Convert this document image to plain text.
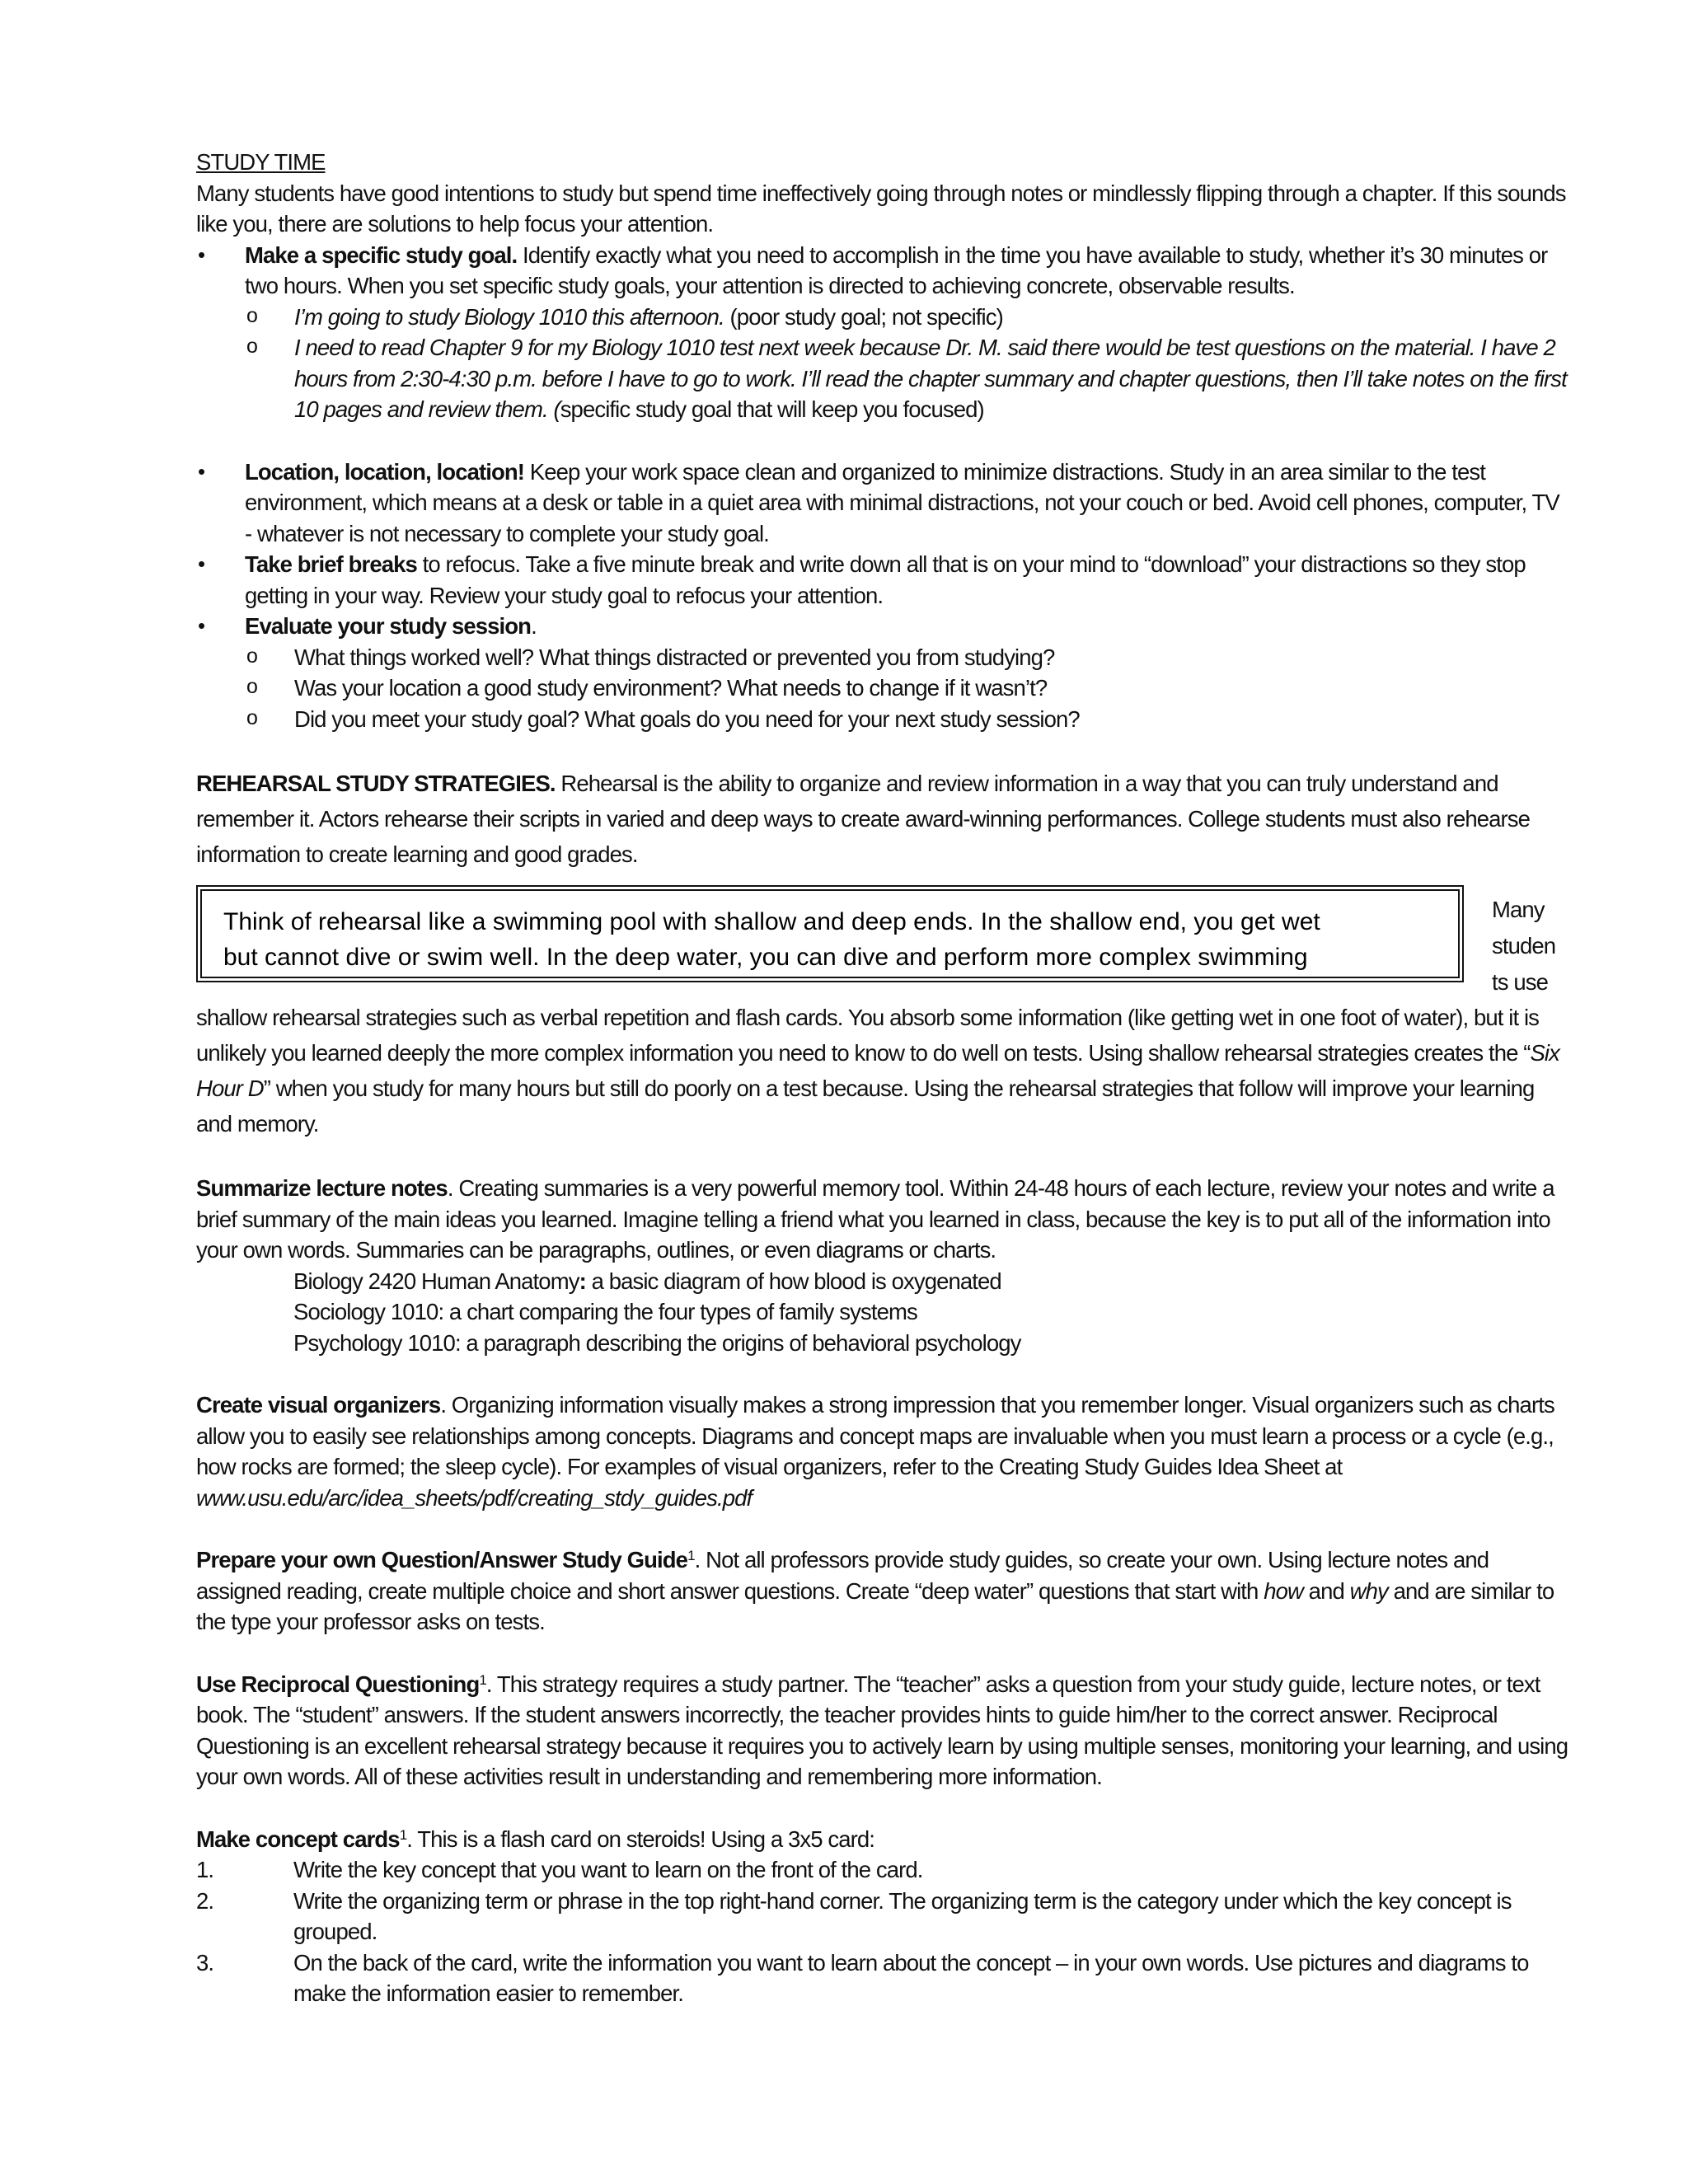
STUDY TIME

Many students have good intentions to study but spend time ineffectively going through notes or mindlessly flipping through a chapter. If this sounds like you, there are solutions to help focus your attention.

• Make a specific study goal. Identify exactly what you need to accomplish in the time you have available to study, whether it’s 30 minutes or two hours. When you set specific study goals, your attention is directed to achieving concrete, observable results.
o I’m going to study Biology 1010 this afternoon. (poor study goal; not specific)
o I need to read Chapter 9 for my Biology 1010 test next week because Dr. M. said there would be test questions on the material. I have 2 hours from 2:30-4:30 p.m. before I have to go to work. I’ll read the chapter summary and chapter questions, then I’ll take notes on the first 10 pages and review them. (specific study goal that will keep you focused)
• Location, location, location! Keep your work space clean and organized to minimize distractions. Study in an area similar to the test environment, which means at a desk or table in a quiet area with minimal distractions, not your couch or bed. Avoid cell phones, computer, TV - whatever is not necessary to complete your study goal.
• Take brief breaks to refocus. Take a five minute break and write down all that is on your mind to “download” your distractions so they stop getting in your way. Review your study goal to refocus your attention.
• Evaluate your study session.
o What things worked well? What things distracted or prevented you from studying?
o Was your location a good study environment? What needs to change if it wasn’t?
o Did you meet your study goal? What goals do you need for your next study session?

REHEARSAL STUDY STRATEGIES. Rehearsal is the ability to organize and review information in a way that you can truly understand and remember it. Actors rehearse their scripts in varied and deep ways to create award-winning performances. College students must also rehearse information to create learning and good grades.

Think of rehearsal like a swimming pool with shallow and deep ends. In the shallow end, you get wet
but cannot dive or swim well. In the deep water, you can dive and perform more complex swimming
Many
studen
ts use

shallow rehearsal strategies such as verbal repetition and flash cards. You absorb some information (like getting wet in one foot of water), but it is unlikely you learned deeply the more complex information you need to know to do well on tests. Using shallow rehearsal strategies creates the “Six Hour D” when you study for many hours but still do poorly on a test because. Using the rehearsal strategies that follow will improve your learning and memory.

Summarize lecture notes. Creating summaries is a very powerful memory tool. Within 24-48 hours of each lecture, review your notes and write a brief summary of the main ideas you learned. Imagine telling a friend what you learned in class, because the key is to put all of the information into your own words. Summaries can be paragraphs, outlines, or even diagrams or charts.

Biology 2420 Human Anatomy: a basic diagram of how blood is oxygenated
Sociology 1010: a chart comparing the four types of family systems
Psychology 1010: a paragraph describing the origins of behavioral psychology

Create visual organizers. Organizing information visually makes a strong impression that you remember longer. Visual organizers such as charts allow you to easily see relationships among concepts. Diagrams and concept maps are invaluable when you must learn a process or a cycle (e.g., how rocks are formed; the sleep cycle). For examples of visual organizers, refer to the Creating Study Guides Idea Sheet at www.usu.edu/arc/idea_sheets/pdf/creating_stdy_guides.pdf

Prepare your own Question/Answer Study Guide$^1$. Not all professors provide study guides, so create your own. Using lecture notes and assigned reading, create multiple choice and short answer questions. Create “deep water” questions that start with how and why and are similar to the type your professor asks on tests.

Use Reciprocal Questioning$^1$. This strategy requires a study partner. The “teacher” asks a question from your study guide, lecture notes, or text book. The “student” answers. If the student answers incorrectly, the teacher provides hints to guide him/her to the correct answer. Reciprocal Questioning is an excellent rehearsal strategy because it requires you to actively learn by using multiple senses, monitoring your learning, and using your own words. All of these activities result in understanding and remembering more information.

Make concept cards$^1$. This is a flash card on steroids! Using a 3x5 card:

1.	Write the key concept that you want to learn on the front of the card.
2.	Write the organizing term or phrase in the top right-hand corner. The organizing term is the category under which the key concept is grouped.
3.	On the back of the card, write the information you want to learn about the concept – in your own words. Use pictures and diagrams to make the information easier to remember.
